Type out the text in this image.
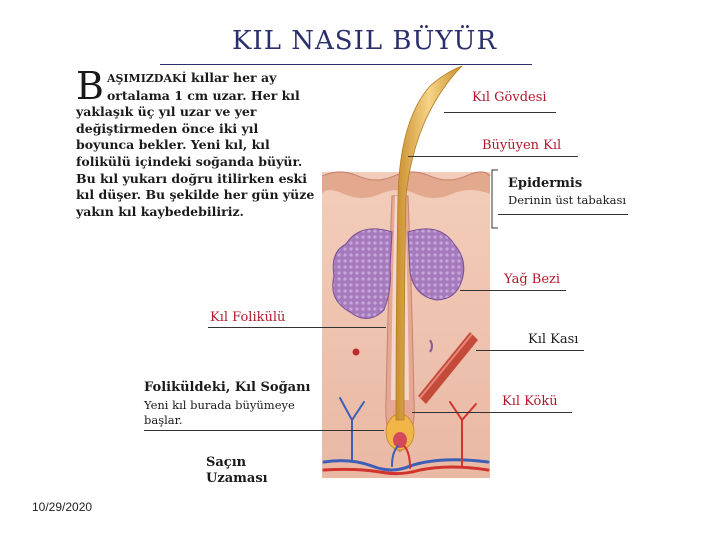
KIL NASIL BÜYÜR
BAŞIMIZDAKİ kıllar her ay ortalama 1 cm uzar. Her kıl yaklaşık üç yıl uzar ve yer değiştirmeden önce iki yıl boyunca bekler. Yeni kıl, kıl folikülü içindeki soğanda büyür. Bu kıl yukarı doğru itilirken eski kıl düşer. Bu şekilde her gün yüze yakın kıl kaybedebiliriz.
Kıl Gövdesi
Büyüyen Kıl
Epidermis
Derinin üst tabakası
Yağ Bezi
Kıl Folikülü
Kıl Kası
Kıl Kökü
Foliküldeki, Kıl Soğanı
Yeni kıl burada büyümeye başlar.
Saçın Uzaması
10/29/2020
